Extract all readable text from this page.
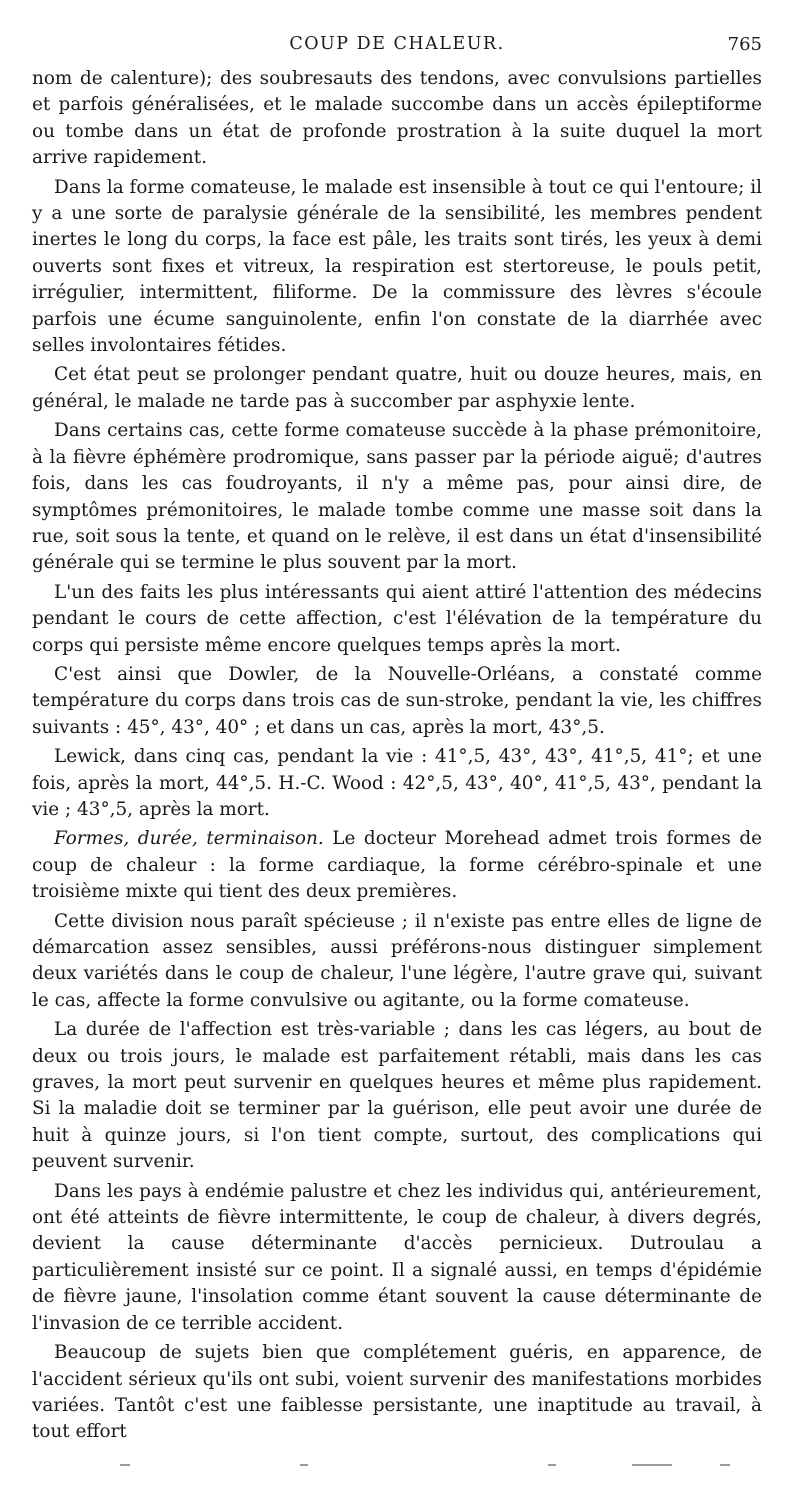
COUP DE CHALEUR.	765

nom de calenture); des soubresauts des tendons, avec convulsions partielles et parfois généralisées, et le malade succombe dans un accès épileptiforme ou tombe dans un état de profonde prostration à la suite duquel la mort arrive rapidement.

Dans la forme comateuse, le malade est insensible à tout ce qui l'entoure; il y a une sorte de paralysie générale de la sensibilité, les membres pendent inertes le long du corps, la face est pâle, les traits sont tirés, les yeux à demi ouverts sont fixes et vitreux, la respiration est stertoreuse, le pouls petit, irrégulier, intermittent, filiforme. De la commissure des lèvres s'écoule parfois une écume sanguinolente, enfin l'on constate de la diarrhée avec selles involontaires fétides.

Cet état peut se prolonger pendant quatre, huit ou douze heures, mais, en général, le malade ne tarde pas à succomber par asphyxie lente.

Dans certains cas, cette forme comateuse succède à la phase prémonitoire, à la fièvre éphémère prodromique, sans passer par la période aiguë; d'autres fois, dans les cas foudroyants, il n'y a même pas, pour ainsi dire, de symptômes prémonitoires, le malade tombe comme une masse soit dans la rue, soit sous la tente, et quand on le relève, il est dans un état d'insensibilité générale qui se termine le plus souvent par la mort.

L'un des faits les plus intéressants qui aient attiré l'attention des médecins pendant le cours de cette affection, c'est l'élévation de la température du corps qui persiste même encore quelques temps après la mort.

C'est ainsi que Dowler, de la Nouvelle-Orléans, a constaté comme température du corps dans trois cas de sun-stroke, pendant la vie, les chiffres suivants : 45°, 43°, 40° ; et dans un cas, après la mort, 43°,5.

Lewick, dans cinq cas, pendant la vie : 41°,5, 43°, 43°, 41°,5, 41°; et une fois, après la mort, 44°,5. H.-C. Wood : 42°,5, 43°, 40°, 41°,5, 43°, pendant la vie ; 43°,5, après la mort.

Formes, durée, terminaison. Le docteur Morehead admet trois formes de coup de chaleur : la forme cardiaque, la forme cérébro-spinale et une troisième mixte qui tient des deux premières.

Cette division nous paraît spécieuse ; il n'existe pas entre elles de ligne de démarcation assez sensibles, aussi préférons-nous distinguer simplement deux variétés dans le coup de chaleur, l'une légère, l'autre grave qui, suivant le cas, affecte la forme convulsive ou agitante, ou la forme comateuse.

La durée de l'affection est très-variable ; dans les cas légers, au bout de deux ou trois jours, le malade est parfaitement rétabli, mais dans les cas graves, la mort peut survenir en quelques heures et même plus rapidement. Si la maladie doit se terminer par la guérison, elle peut avoir une durée de huit à quinze jours, si l'on tient compte, surtout, des complications qui peuvent survenir.

Dans les pays à endémie palustre et chez les individus qui, antérieurement, ont été atteints de fièvre intermittente, le coup de chaleur, à divers degrés, devient la cause déterminante d'accès pernicieux. Dutroulau a particulièrement insisté sur ce point. Il a signalé aussi, en temps d'épidémie de fièvre jaune, l'insolation comme étant souvent la cause déterminante de l'invasion de ce terrible accident.

Beaucoup de sujets bien que complétement guéris, en apparence, de l'accident sérieux qu'ils ont subi, voient survenir des manifestations morbides variées. Tantôt c'est une faiblesse persistante, une inaptitude au travail, à tout effort
